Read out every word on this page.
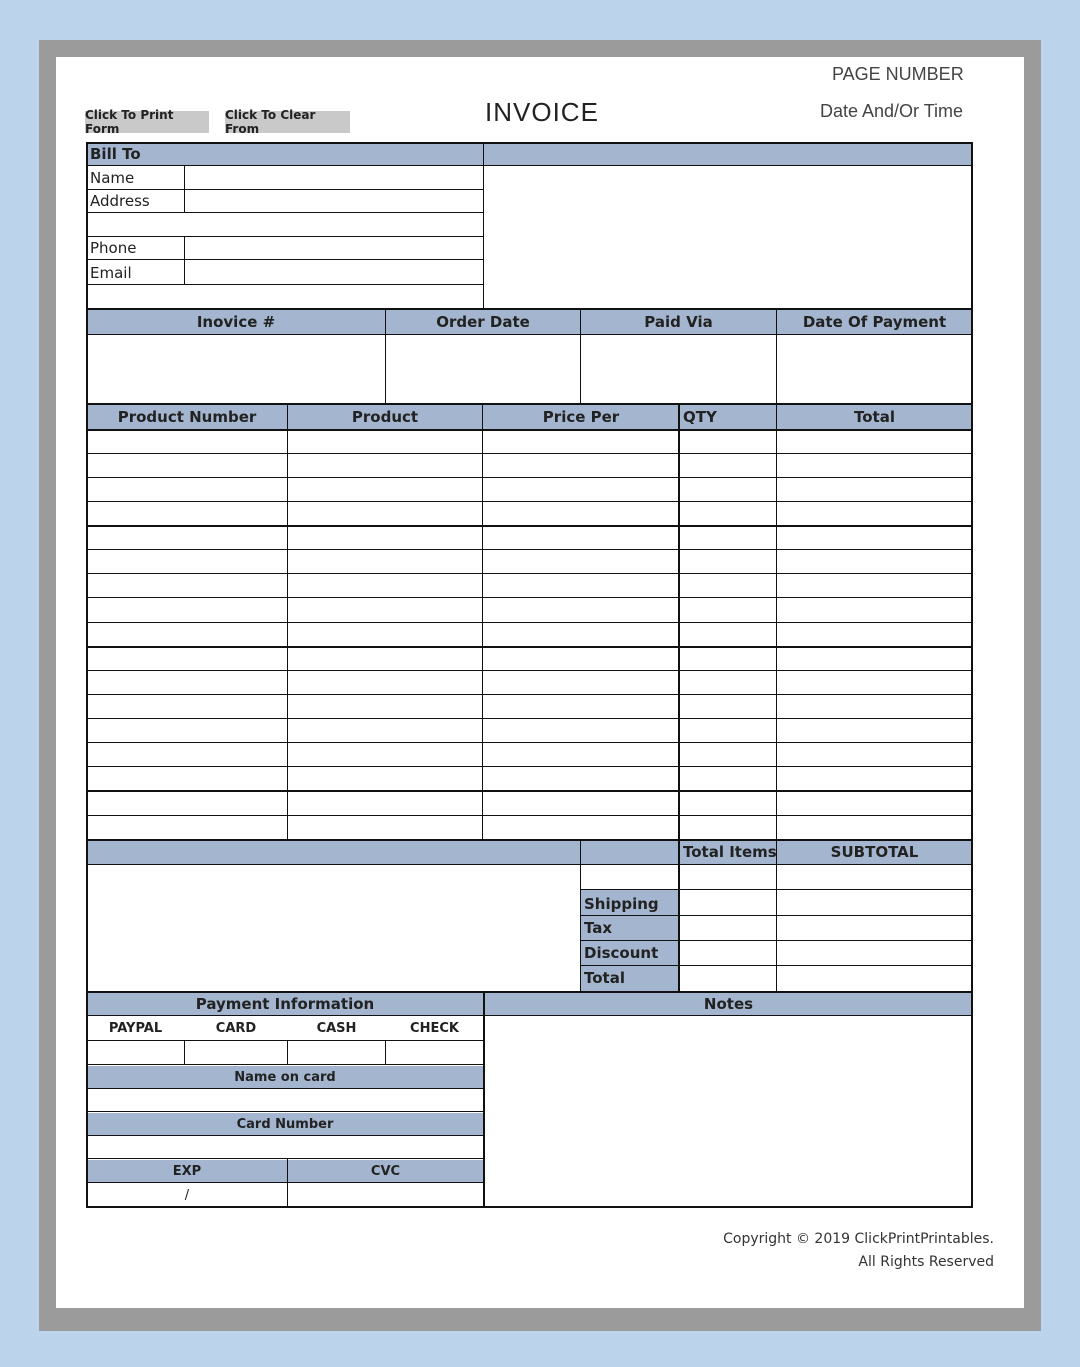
PAGE NUMBER
Date And/Or Time
INVOICE
Click To Print Form
Click To Clear From
Bill To
Name
Address
Phone
Email
Inovice #	Order Date	Paid Via	Date Of Payment
Product Number	Product	Price Per	QTY	Total
Total Items	SUBTOTAL
Shipping
Tax
Discount
Total
Payment Information	Notes
PAYPAL	CARD	CASH	CHECK
Name on card
Card Number
EXP	CVC
/
Copyright © 2019 ClickPrintPrintables.
All Rights Reserved
